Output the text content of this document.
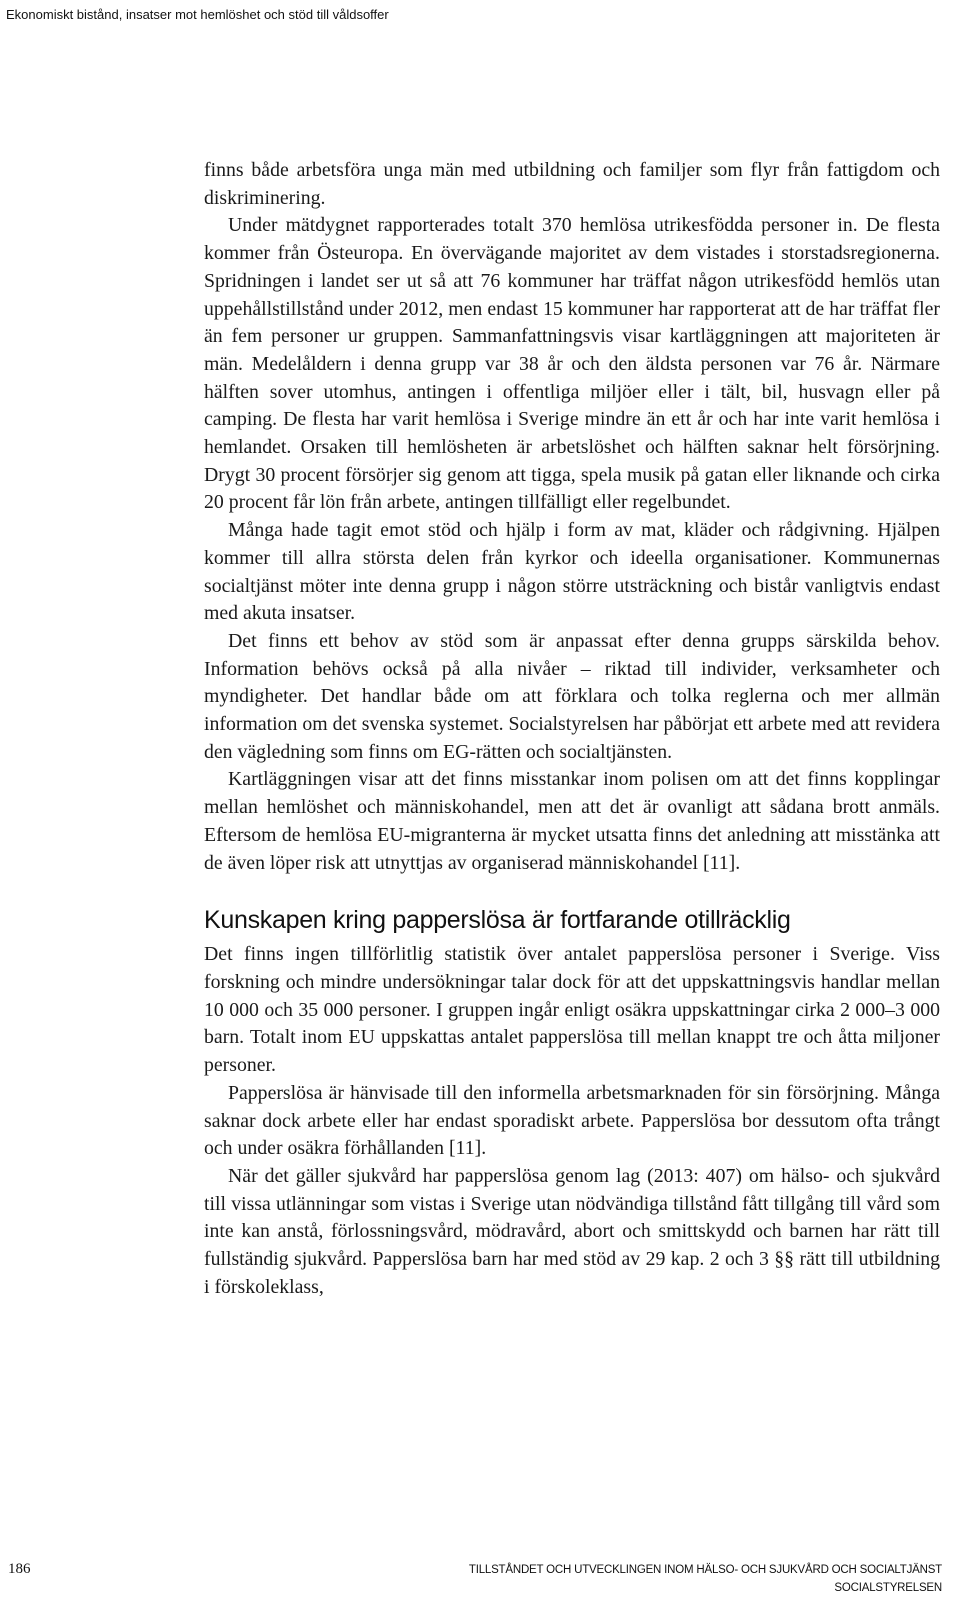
Ekonomiskt bistånd, insatser mot hemlöshet och stöd till våldsoffer

finns både arbetsföra unga män med utbildning och familjer som flyr från fattigdom och diskriminering.

Under mätdygnet rapporterades totalt 370 hemlösa utrikesfödda personer in. De flesta kommer från Östeuropa. En övervägande majoritet av dem vistades i storstadsregionerna. Spridningen i landet ser ut så att 76 kommuner har träffat någon utrikesfödd hemlös utan uppehållstillstånd under 2012, men endast 15 kommuner har rapporterat att de har träffat fler än fem personer ur gruppen. Sammanfattningsvis visar kartläggningen att majoriteten är män. Medelåldern i denna grupp var 38 år och den äldsta personen var 76 år. Närmare hälften sover utomhus, antingen i offentliga miljöer eller i tält, bil, husvagn eller på camping. De flesta har varit hemlösa i Sverige mindre än ett år och har inte varit hemlösa i hemlandet. Orsaken till hemlösheten är arbetslöshet och hälften saknar helt försörjning. Drygt 30 procent försörjer sig genom att tigga, spela musik på gatan eller liknande och cirka 20 procent får lön från arbete, antingen tillfälligt eller regelbundet.

Många hade tagit emot stöd och hjälp i form av mat, kläder och rådgivning. Hjälpen kommer till allra största delen från kyrkor och ideella organisationer. Kommunernas socialtjänst möter inte denna grupp i någon större utsträckning och bistår vanligtvis endast med akuta insatser.

Det finns ett behov av stöd som är anpassat efter denna grupps särskilda behov. Information behövs också på alla nivåer – riktad till individer, verksamheter och myndigheter. Det handlar både om att förklara och tolka reglerna och mer allmän information om det svenska systemet. Socialstyrelsen har påbörjat ett arbete med att revidera den vägledning som finns om EG-rätten och socialtjänsten.

Kartläggningen visar att det finns misstankar inom polisen om att det finns kopplingar mellan hemlöshet och människohandel, men att det är ovanligt att sådana brott anmäls. Eftersom de hemlösa EU-migranterna är mycket utsatta finns det anledning att misstänka att de även löper risk att utnyttjas av organiserad människohandel [11].

Kunskapen kring papperslösa är fortfarande otillräcklig

Det finns ingen tillförlitlig statistik över antalet papperslösa personer i Sverige. Viss forskning och mindre undersökningar talar dock för att det uppskattningsvis handlar mellan 10 000 och 35 000 personer. I gruppen ingår enligt osäkra uppskattningar cirka 2 000–3 000 barn. Totalt inom EU uppskattas antalet papperslösa till mellan knappt tre och åtta miljoner personer.

Papperslösa är hänvisade till den informella arbetsmarknaden för sin försörjning. Många saknar dock arbete eller har endast sporadiskt arbete. Papperslösa bor dessutom ofta trångt och under osäkra förhållanden [11].

När det gäller sjukvård har papperslösa genom lag (2013: 407) om hälso- och sjukvård till vissa utlänningar som vistas i Sverige utan nödvändiga tillstånd fått tillgång till vård som inte kan anstå, förlossningsvård, mödravård, abort och smittskydd och barnen har rätt till fullständig sjukvård. Papperslösa barn har med stöd av 29 kap. 2 och 3 §§ rätt till utbildning i förskoleklass,

186	TILLSTÅNDET OCH UTVECKLINGEN INOM HÄLSO- OCH SJUKVÅRD OCH SOCIALTJÄNST
SOCIALSTYRELSEN
